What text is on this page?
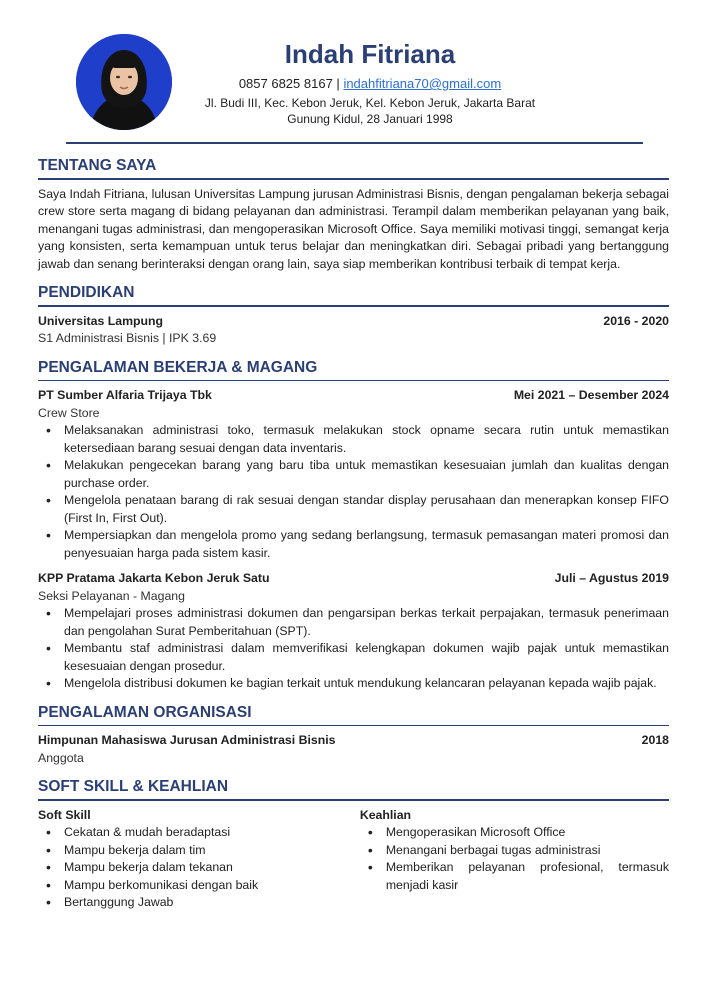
Indah Fitriana
0857 6825 8167 | indahfitriana70@gmail.com
Jl. Budi III, Kec. Kebon Jeruk, Kel. Kebon Jeruk, Jakarta Barat
Gunung Kidul, 28 Januari 1998
TENTANG SAYA
Saya Indah Fitriana, lulusan Universitas Lampung jurusan Administrasi Bisnis, dengan pengalaman bekerja sebagai crew store serta magang di bidang pelayanan dan administrasi. Terampil dalam memberikan pelayanan yang baik, menangani tugas administrasi, dan mengoperasikan Microsoft Office. Saya memiliki motivasi tinggi, semangat kerja yang konsisten, serta kemampuan untuk terus belajar dan meningkatkan diri. Sebagai pribadi yang bertanggung jawab dan senang berinteraksi dengan orang lain, saya siap memberikan kontribusi terbaik di tempat kerja.
PENDIDIKAN
Universitas Lampung	2016 - 2020
S1 Administrasi Bisnis | IPK 3.69
PENGALAMAN BEKERJA & MAGANG
PT Sumber Alfaria Trijaya Tbk	Mei 2021 – Desember 2024
Crew Store
• Melaksanakan administrasi toko, termasuk melakukan stock opname secara rutin untuk memastikan ketersediaan barang sesuai dengan data inventaris.
• Melakukan pengecekan barang yang baru tiba untuk memastikan kesesuaian jumlah dan kualitas dengan purchase order.
• Mengelola penataan barang di rak sesuai dengan standar display perusahaan dan menerapkan konsep FIFO (First In, First Out).
• Mempersiapkan dan mengelola promo yang sedang berlangsung, termasuk pemasangan materi promosi dan penyesuaian harga pada sistem kasir.
KPP Pratama Jakarta Kebon Jeruk Satu	Juli – Agustus 2019
Seksi Pelayanan - Magang
• Mempelajari proses administrasi dokumen dan pengarsipan berkas terkait perpajakan, termasuk penerimaan dan pengolahan Surat Pemberitahuan (SPT).
• Membantu staf administrasi dalam memverifikasi kelengkapan dokumen wajib pajak untuk memastikan kesesuaian dengan prosedur.
• Mengelola distribusi dokumen ke bagian terkait untuk mendukung kelancaran pelayanan kepada wajib pajak.
PENGALAMAN ORGANISASI
Himpunan Mahasiswa Jurusan Administrasi Bisnis	2018
Anggota
SOFT SKILL & KEAHLIAN
Soft Skill
• Cekatan & mudah beradaptasi
• Mampu bekerja dalam tim
• Mampu bekerja dalam tekanan
• Mampu berkomunikasi dengan baik
• Bertanggung Jawab
Keahlian
• Mengoperasikan Microsoft Office
• Menangani berbagai tugas administrasi
• Memberikan pelayanan profesional, termasuk menjadi kasir
